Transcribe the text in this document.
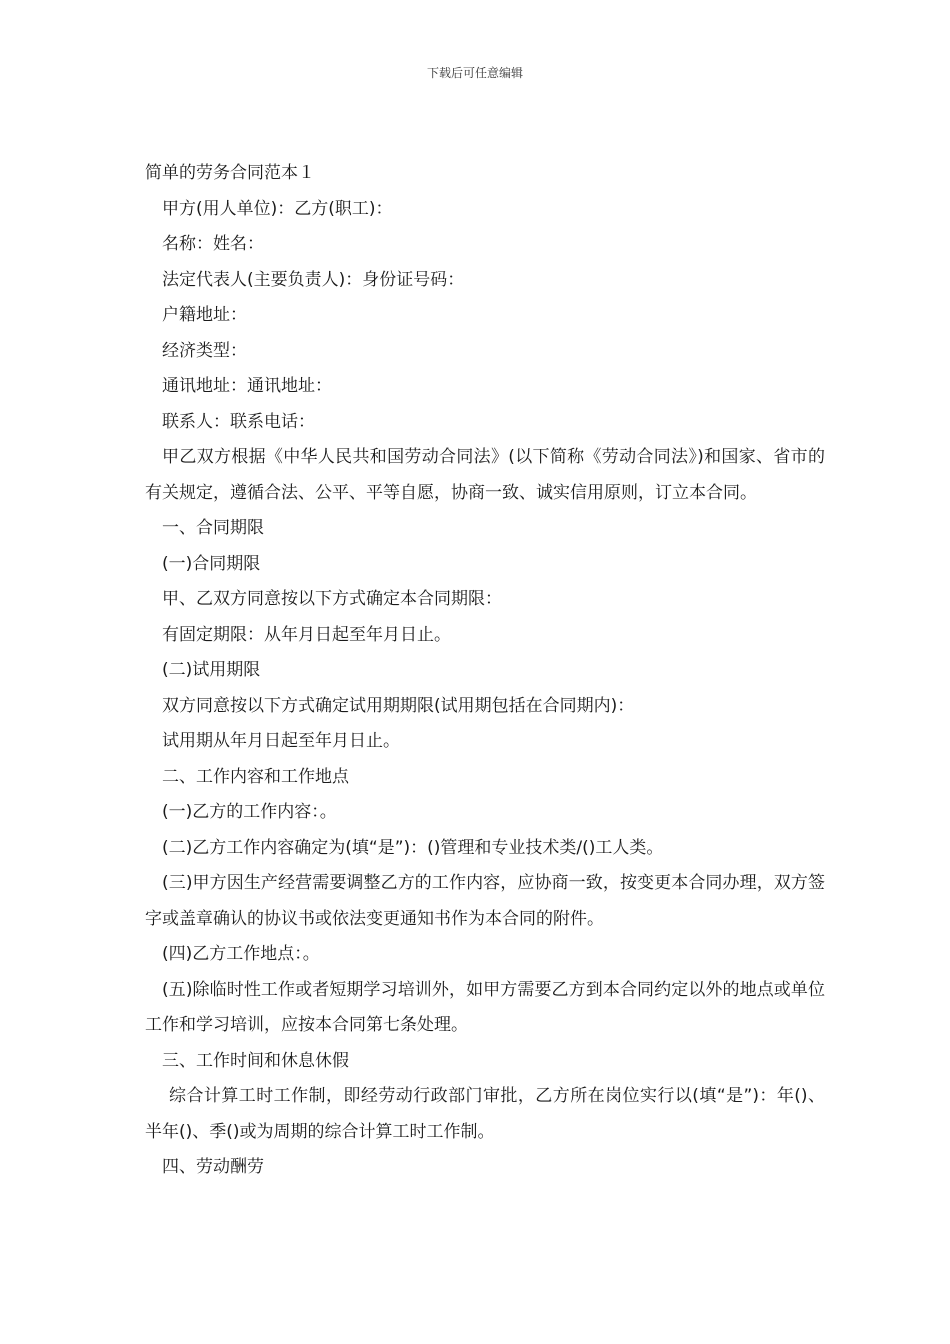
下载后可任意编辑

简单的劳务合同范本１

甲方(用人单位)：乙方(职工)：

名称：姓名：

法定代表人(主要负责人)：身份证号码：

户籍地址：

经济类型：

通讯地址：通讯地址：

联系人：联系电话：

甲乙双方根据《中华人民共和国劳动合同法》(以下简称《劳动合同法》)和国家、省市的有关规定，遵循合法、公平、平等自愿，协商一致、诚实信用原则，订立本合同。

一、合同期限

(一)合同期限

甲、乙双方同意按以下方式确定本合同期限：

有固定期限：从年月日起至年月日止。

(二)试用期限

双方同意按以下方式确定试用期期限(试用期包括在合同期内)：

试用期从年月日起至年月日止。

二、工作内容和工作地点

(一)乙方的工作内容：。

(二)乙方工作内容确定为(填“是”)：()管理和专业技术类/()工人类。

(三)甲方因生产经营需要调整乙方的工作内容，应协商一致，按变更本合同办理，双方签字或盖章确认的协议书或依法变更通知书作为本合同的附件。

(四)乙方工作地点：。

(五)除临时性工作或者短期学习培训外，如甲方需要乙方到本合同约定以外的地点或单位工作和学习培训，应按本合同第七条处理。

三、工作时间和休息休假

综合计算工时工作制，即经劳动行政部门审批，乙方所在岗位实行以(填“是”)：年()、半年()、季()或为周期的综合计算工时工作制。

四、劳动酬劳
